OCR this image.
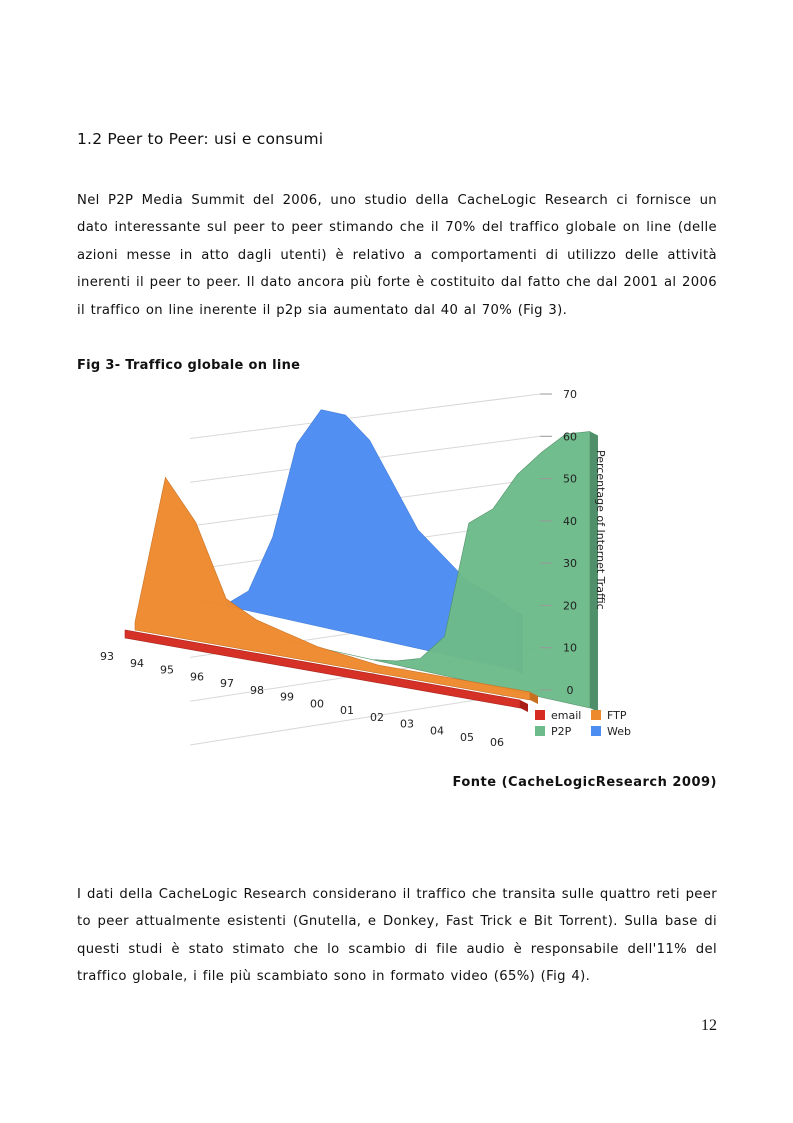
1.2 Peer to Peer: usi e consumi
Nel P2P Media Summit del 2006, uno studio della CacheLogic Research ci fornisce un dato interessante sul peer to peer stimando che il 70% del traffico globale on line (delle azioni messe in atto dagli utenti) è relativo a comportamenti di utilizzo delle attività inerenti il peer to peer. Il dato ancora più forte è costituito dal fatto che dal 2001 al 2006 il traffico on line inerente il p2p sia aumentato dal 40 al 70% (Fig 3).
Fig 3- Traffico globale on line
0
10
20
30
40
50
60
70
93
94
95
96
97
98
99
00
01
02
03
04
05 06
Percentage of Internet Traffic
email FTP
P2P	Web
Fonte (CacheLogicResearch 2009)
I dati della CacheLogic Research considerano il traffico che transita sulle quattro reti peer to peer attualmente esistenti (Gnutella, e Donkey, Fast Trick e Bit Torrent). Sulla base di questi studi è stato stimato che lo scambio di file audio è responsabile dell'11% del traffico globale, i file più scambiato sono in formato video (65%) (Fig 4).
12
